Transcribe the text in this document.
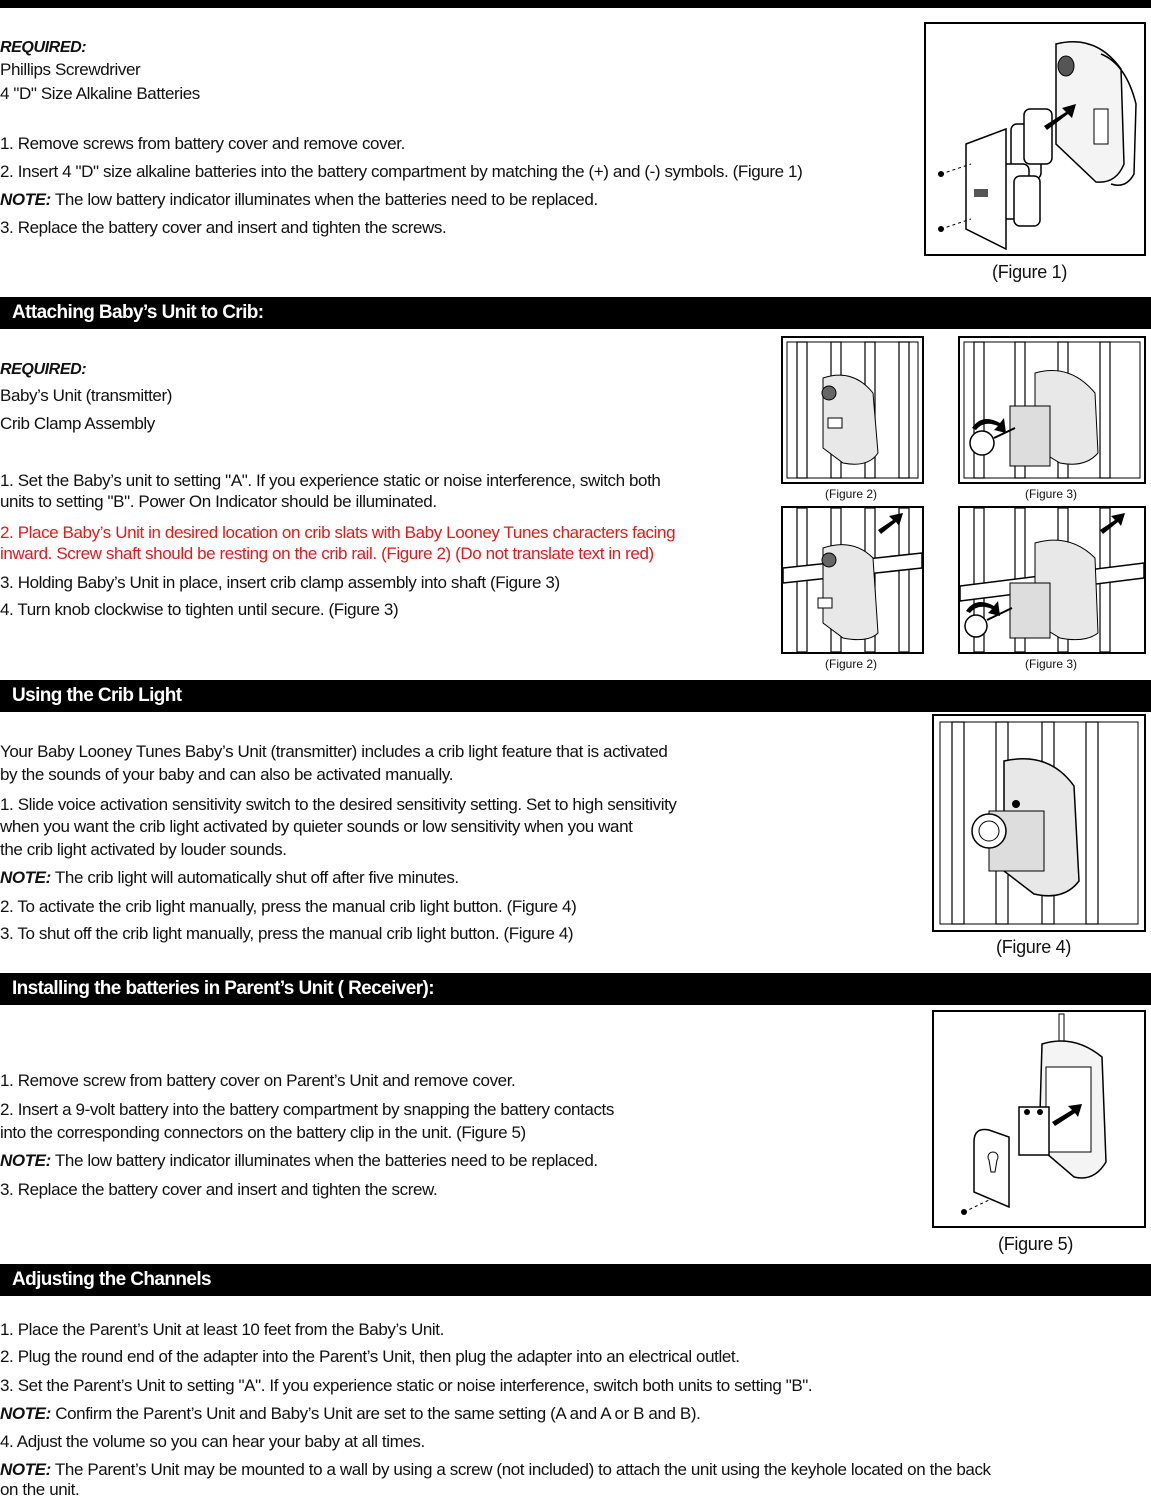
REQUIRED:
Phillips Screwdriver
4 "D" Size Alkaline Batteries
1. Remove screws from battery cover and remove cover.
2. Insert 4 "D" size alkaline batteries into the battery compartment by matching the (+) and (-) symbols. (Figure 1)
NOTE: The low battery indicator illuminates when the batteries need to be replaced.
3. Replace the battery cover and insert and tighten the screws.
(Figure 1)
Attaching Baby’s Unit to Crib:
REQUIRED:
Baby’s Unit (transmitter)
Crib Clamp Assembly
1. Set the Baby’s unit to setting "A". If you experience static or noise interference, switch both
units to setting "B". Power On Indicator should be illuminated.
2. Place Baby’s Unit in desired location on crib slats with Baby Looney Tunes characters facing
inward. Screw shaft should be resting on the crib rail. (Figure 2) (Do not translate text in red)
3. Holding Baby’s Unit in place, insert crib clamp assembly into shaft (Figure 3)
4. Turn knob clockwise to tighten until secure. (Figure 3)
(Figure 2)	(Figure 3)
(Figure 2)	(Figure 3)
Using the Crib Light
Your Baby Looney Tunes Baby’s Unit (transmitter) includes a crib light feature that is activated
by the sounds of your baby and can also be activated manually.
1. Slide voice activation sensitivity switch to the desired sensitivity setting. Set to high sensitivity
when you want the crib light activated by quieter sounds or low sensitivity when you want
the crib light activated by louder sounds.
NOTE: The crib light will automatically shut off after five minutes.
2. To activate the crib light manually, press the manual crib light button. (Figure 4)
3. To shut off the crib light manually, press the manual crib light button. (Figure 4)
(Figure 4)
Installing the batteries in Parent’s Unit ( Receiver):
1. Remove screw from battery cover on Parent’s Unit and remove cover.
2. Insert a 9-volt battery into the battery compartment by snapping the battery contacts
into the corresponding connectors on the battery clip in the unit. (Figure 5)
NOTE: The low battery indicator illuminates when the batteries need to be replaced.
3. Replace the battery cover and insert and tighten the screw.
(Figure 5)
Adjusting the Channels
1. Place the Parent’s Unit at least 10 feet from the Baby’s Unit.
2. Plug the round end of the adapter into the Parent’s Unit, then plug the adapter into an electrical outlet.
3. Set the Parent’s Unit to setting "A". If you experience static or noise interference, switch both units to setting "B".
NOTE: Confirm the Parent’s Unit and Baby’s Unit are set to the same setting (A and A or B and B).
4. Adjust the volume so you can hear your baby at all times.
NOTE: The Parent’s Unit may be mounted to a wall by using a screw (not included) to attach the unit using the keyhole located on the back
on the unit.
